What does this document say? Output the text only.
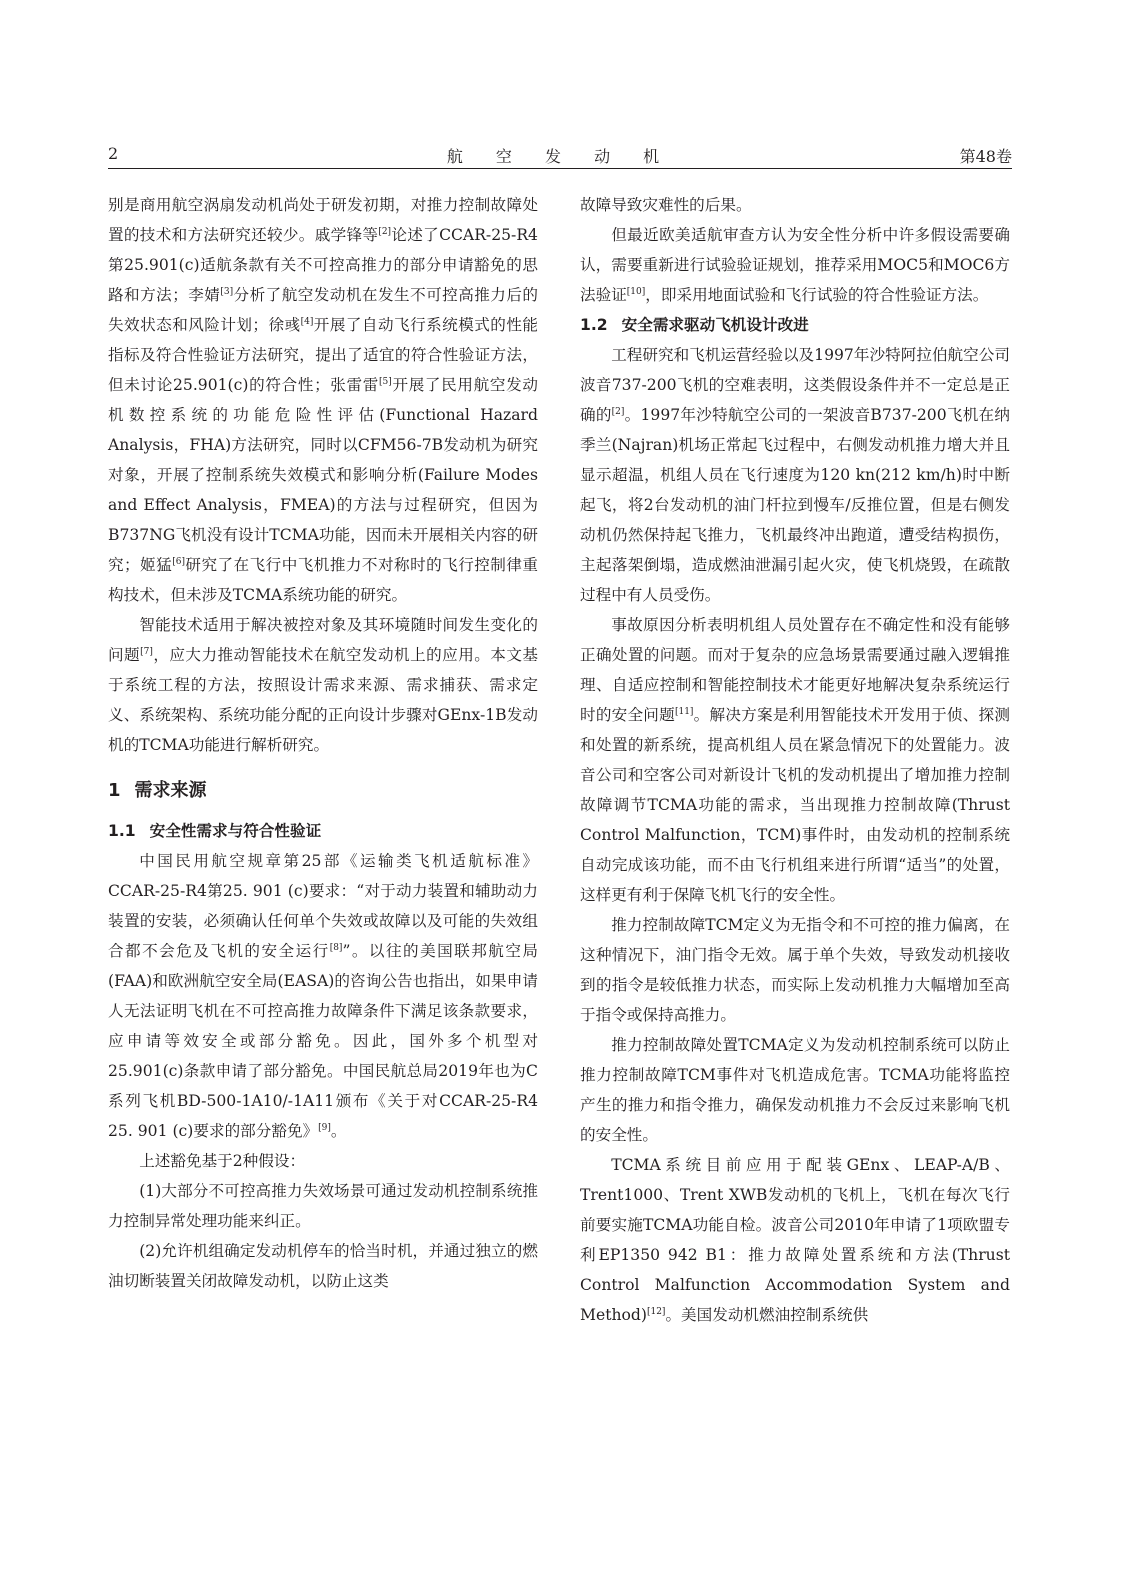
2	航 空 发 动 机	第48卷

别是商用航空涡扇发动机尚处于研发初期，对推力控制故障处置的技术和方法研究还较少。戚学锋等[2]论述了CCAR-25-R4第25.901(c)适航条款有关不可控高推力的部分申请豁免的思路和方法；李婧[3]分析了航空发动机在发生不可控高推力后的失效状态和风险计划；徐彧[4]开展了自动飞行系统模式的性能指标及符合性验证方法研究，提出了适宜的符合性验证方法，但未讨论25.901(c)的符合性；张雷雷[5]开展了民用航空发动机数控系统的功能危险性评估(Functional Hazard Analysis，FHA)方法研究，同时以CFM56-7B发动机为研究对象，开展了控制系统失效模式和影响分析(Failure Modes and Effect Analysis，FMEA)的方法与过程研究，但因为B737NG飞机没有设计TCMA功能，因而未开展相关内容的研究；姬猛[6]研究了在飞行中飞机推力不对称时的飞行控制律重构技术，但未涉及TCMA系统功能的研究。

智能技术适用于解决被控对象及其环境随时间发生变化的问题[7]，应大力推动智能技术在航空发动机上的应用。本文基于系统工程的方法，按照设计需求来源、需求捕获、需求定义、系统架构、系统功能分配的正向设计步骤对GEnx-1B发动机的TCMA功能进行解析研究。

1 需求来源
1.1 安全性需求与符合性验证

中国民用航空规章第25部《运输类飞机适航标准》CCAR-25-R4第25. 901 (c)要求：“对于动力装置和辅助动力装置的安装，必须确认任何单个失效或故障以及可能的失效组合都不会危及飞机的安全运行[8]”。以往的美国联邦航空局(FAA)和欧洲航空安全局(EASA)的咨询公告也指出，如果申请人无法证明飞机在不可控高推力故障条件下满足该条款要求，应申请等效安全或部分豁免。因此，国外多个机型对25.901(c)条款申请了部分豁免。中国民航总局2019年也为C系列飞机BD-500-1A10/-1A11颁布《关于对CCAR-25-R4 25. 901 (c)要求的部分豁免》[9]。

上述豁免基于2种假设：

(1)大部分不可控高推力失效场景可通过发动机控制系统推力控制异常处理功能来纠正。

(2)允许机组确定发动机停车的恰当时机，并通过独立的燃油切断装置关闭故障发动机，以防止这类

故障导致灾难性的后果。

但最近欧美适航审查方认为安全性分析中许多假设需要确认，需要重新进行试验验证规划，推荐采用MOC5和MOC6方法验证[10]，即采用地面试验和飞行试验的符合性验证方法。

1.2 安全需求驱动飞机设计改进

工程研究和飞机运营经验以及1997年沙特阿拉伯航空公司波音737-200飞机的空难表明，这类假设条件并不一定总是正确的[2]。1997年沙特航空公司的一架波音B737-200飞机在纳季兰(Najran)机场正常起飞过程中，右侧发动机推力增大并且显示超温，机组人员在飞行速度为120 kn(212 km/h)时中断起飞，将2台发动机的油门杆拉到慢车/反推位置，但是右侧发动机仍然保持起飞推力，飞机最终冲出跑道，遭受结构损伤，主起落架倒塌，造成燃油泄漏引起火灾，使飞机烧毁，在疏散过程中有人员受伤。

事故原因分析表明机组人员处置存在不确定性和没有能够正确处置的问题。而对于复杂的应急场景需要通过融入逻辑推理、自适应控制和智能控制技术才能更好地解决复杂系统运行时的安全问题[11]。解决方案是利用智能技术开发用于侦、探测和处置的新系统，提高机组人员在紧急情况下的处置能力。波音公司和空客公司对新设计飞机的发动机提出了增加推力控制故障调节TCMA功能的需求，当出现推力控制故障(Thrust Control Malfunction，TCM)事件时，由发动机的控制系统自动完成该功能，而不由飞行机组来进行所谓“适当”的处置，这样更有利于保障飞机飞行的安全性。

推力控制故障TCM定义为无指令和不可控的推力偏离，在这种情况下，油门指令无效。属于单个失效，导致发动机接收到的指令是较低推力状态，而实际上发动机推力大幅增加至高于指令或保持高推力。

推力控制故障处置TCMA定义为发动机控制系统可以防止推力控制故障TCM事件对飞机造成危害。TCMA功能将监控产生的推力和指令推力，确保发动机推力不会反过来影响飞机的安全性。

TCMA系统目前应用于配装GEnx、LEAP-A/B、Trent1000、Trent XWB发动机的飞机上，飞机在每次飞行前要实施TCMA功能自检。波音公司2010年申请了1项欧盟专利EP1350 942 B1：推力故障处置系统和方法(Thrust Control Malfunction Accommodation System and Method)[12]。美国发动机燃油控制系统供
